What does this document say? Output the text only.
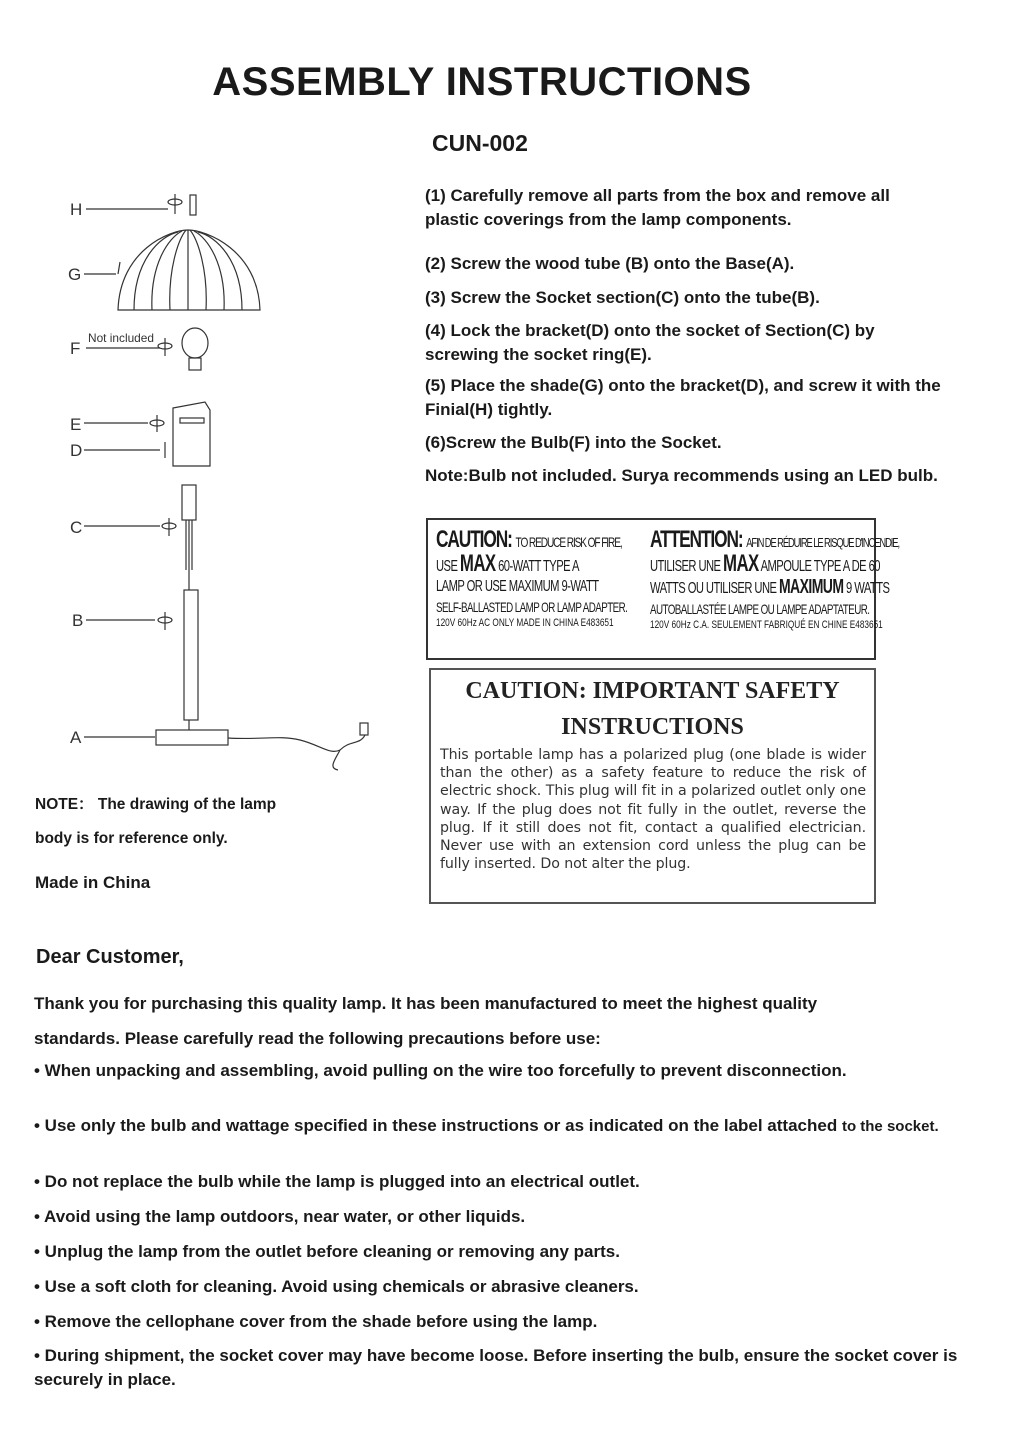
ASSEMBLY INSTRUCTIONS
CUN-002
H
G
F
E
D
C
B
A
Not included

(1) Carefully remove all parts from the box and remove all plastic coverings from the lamp components.

(2) Screw the wood tube (B) onto the Base(A).

(3) Screw the Socket section(C) onto the tube(B).

(4) Lock the bracket(D) onto the socket of Section(C) by screwing the socket ring(E).

(5) Place the shade(G) onto the bracket(D), and screw it with the Finial(H) tightly.

(6)Screw the Bulb(F) into the Socket.

Note:Bulb not included. Surya recommends using an LED bulb.

CAUTION: TO REDUCE RISK OF FIRE,
USE MAX 60-WATT TYPE A
LAMP OR USE MAXIMUM 9-WATT
SELF-BALLASTED LAMP OR LAMP ADAPTER.
120V 60Hz AC ONLY MADE IN CHINA E483651
ATTENTION: AFIN DE RÉDUIRE LE RISQUE D'INCENDIE,
UTILISER UNE MAX AMPOULE TYPE A DE 60
WATTS OU UTILISER UNE MAXIMUM 9 WATTS
AUTOBALLASTÉE LAMPE OU LAMPE ADAPTATEUR.
120V 60Hz C.A. SEULEMENT FABRIQUÉ EN CHINE E483651
CAUTION: IMPORTANT SAFETY
INSTRUCTIONS
This portable lamp has a polarized plug (one blade is wider than the other) as a safety feature to reduce the risk of electric shock. This plug will fit in a polarized outlet only one way. If the plug does not fit fully in the outlet, reverse the plug. If it still does not fit, contact a qualified electrician. Never use with an extension cord unless the plug can be fully inserted. Do not alter the plug.
NOTE： The drawing of the lamp
body is for reference only.
Made in China
Dear Customer,

Thank you for purchasing this quality lamp. It has been manufactured to meet the highest quality

standards. Please carefully read the following precautions before use:

• When unpacking and assembling, avoid pulling on the wire too forcefully to prevent disconnection.

• Use only the bulb and wattage specified in these instructions or as indicated on the label attached to the socket.

• Do not replace the bulb while the lamp is plugged into an electrical outlet.

• Avoid using the lamp outdoors, near water, or other liquids.

• Unplug the lamp from the outlet before cleaning or removing any parts.

• Use a soft cloth for cleaning. Avoid using chemicals or abrasive cleaners.

• Remove the cellophane cover from the shade before using the lamp.

• During shipment, the socket cover may have become loose. Before inserting the bulb, ensure the socket cover is securely in place.
